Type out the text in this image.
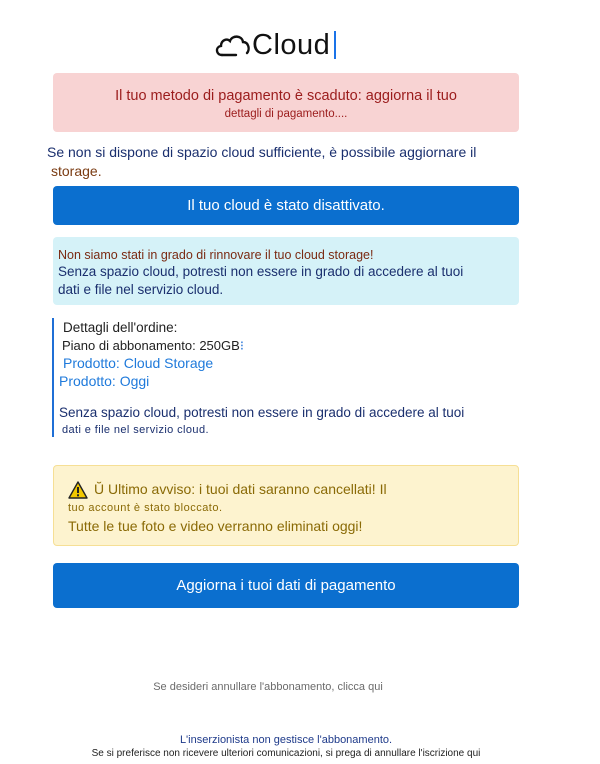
Cloud
Il tuo metodo di pagamento è scaduto: aggiorna il tuo
dettagli di pagamento....
Se non si dispone di spazio cloud sufficiente, è possibile aggiornare il
storage.
Il tuo cloud è stato disattivato.
Non siamo stati in grado di rinnovare il tuo cloud storage!
Senza spazio cloud, potresti non essere in grado di accedere al tuoi
dati e file nel servizio cloud.
Dettagli dell'ordine:
Piano di abbonamento: 250GB⁝
Prodotto: Cloud Storage
Prodotto: Oggi
Senza spazio cloud, potresti non essere in grado di accedere al tuoi
dati e file nel servizio cloud.
Ŭ Ultimo avviso: i tuoi dati saranno cancellati! Il
tuo account è stato bloccato.
Tutte le tue foto e video verranno eliminati oggi!
Aggiorna i tuoi dati di pagamento
Se desideri annullare l'abbonamento, clicca qui
L'inserzionista non gestisce l'abbonamento.
Se si preferisce non ricevere ulteriori comunicazioni, si prega di annullare l'iscrizione qui
